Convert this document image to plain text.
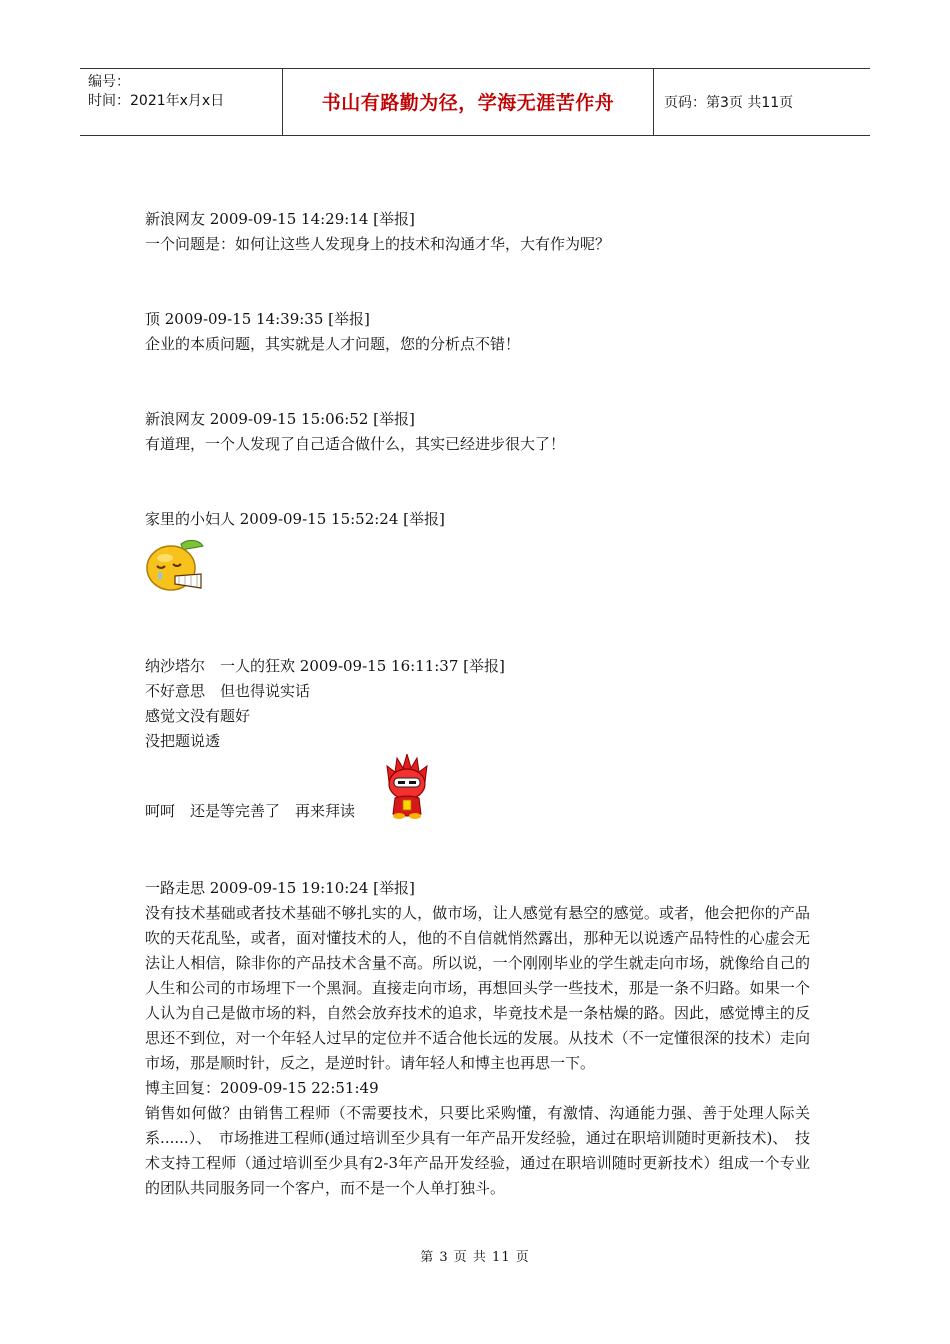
编号：
时间：2021年x月x日	书山有路勤为径，学海无涯苦作舟	页码：第3页 共11页
新浪网友 2009-09-15 14:29:14 [举报]
一个问题是：如何让这些人发现身上的技术和沟通才华，大有作为呢？
顶 2009-09-15 14:39:35 [举报]
企业的本质问题，其实就是人才问题，您的分析点不错！
新浪网友 2009-09-15 15:06:52 [举报]
有道理，一个人发现了自己适合做什么，其实已经进步很大了！
家里的小妇人 2009-09-15 15:52:24 [举报]
纳沙塔尔　一人的狂欢 2009-09-15 16:11:37 [举报]
不好意思　但也得说实话
感觉文没有题好
没把题说透
呵呵　还是等完善了　再来拜读
一路走思 2009-09-15 19:10:24 [举报]
没有技术基础或者技术基础不够扎实的人，做市场，让人感觉有悬空的感觉。或者，他会把你的产品吹的天花乱坠，或者，面对懂技术的人，他的不自信就悄然露出，那种无以说透产品特性的心虚会无法让人相信，除非你的产品技术含量不高。所以说，一个刚刚毕业的学生就走向市场，就像给自己的人生和公司的市场埋下一个黑洞。直接走向市场，再想回头学一些技术，那是一条不归路。如果一个人认为自己是做市场的料，自然会放弃技术的追求，毕竟技术是一条枯燥的路。因此，感觉博主的反思还不到位，对一个年轻人过早的定位并不适合他长远的发展。从技术（不一定懂很深的技术）走向市场，那是顺时针，反之，是逆时针。请年轻人和博主也再思一下。
博主回复：2009-09-15 22:51:49
销售如何做？由销售工程师（不需要技术，只要比采购懂，有激情、沟通能力强、善于处理人际关系......）、　市场推进工程师(通过培训至少具有一年产品开发经验，通过在职培训随时更新技术)、　技术支持工程师（通过培训至少具有2-3年产品开发经验，通过在职培训随时更新技术）组成一个专业的团队共同服务同一个客户，而不是一个人单打独斗。
第 3 页 共 11 页
